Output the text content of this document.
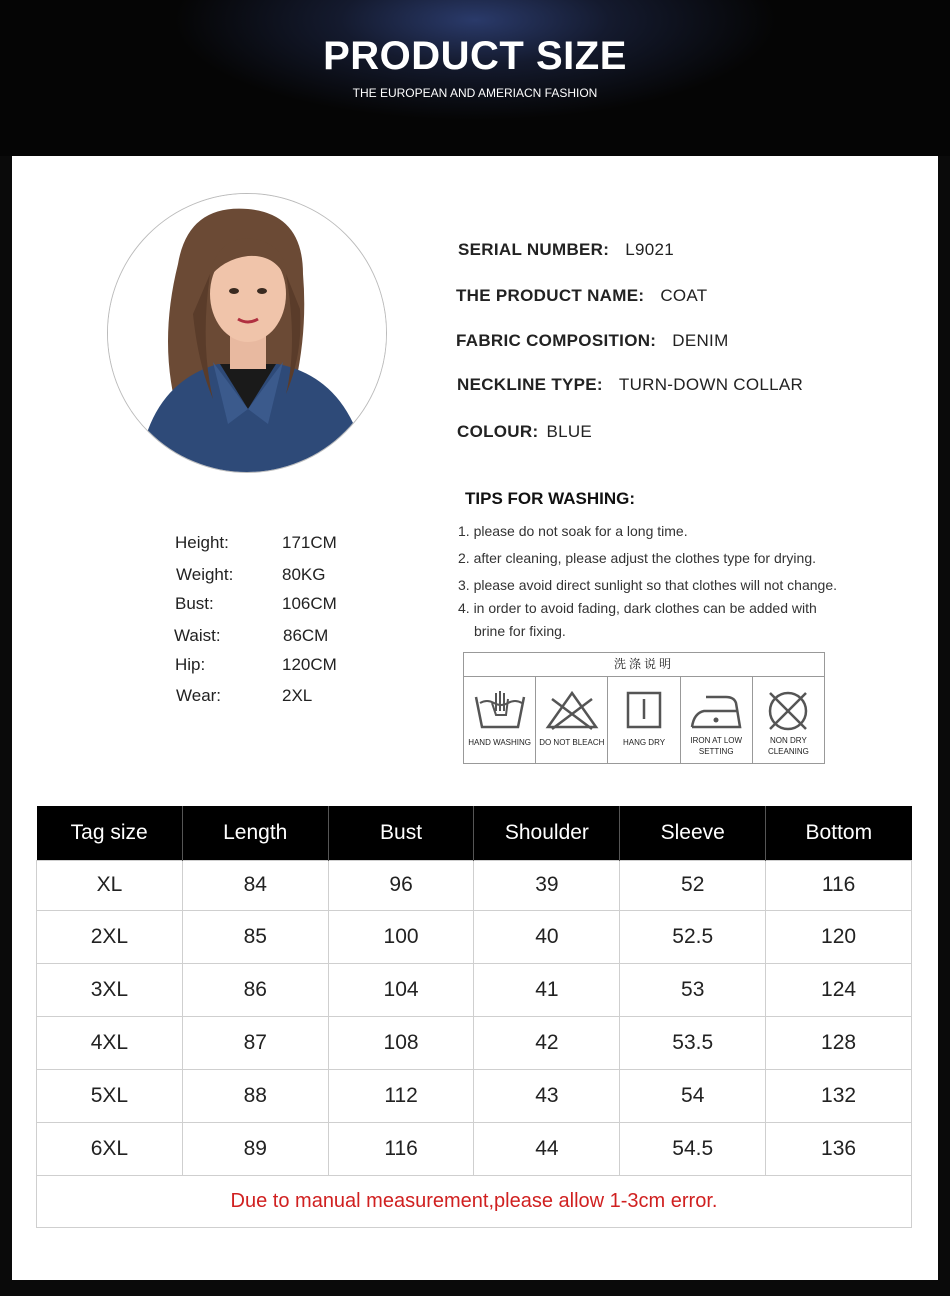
PRODUCT SIZE
THE EUROPEAN AND AMERIACN FASHION
SERIAL NUMBER: L9021
THE PRODUCT NAME: COAT
FABRIC COMPOSITION: DENIM
NECKLINE TYPE: TURN-DOWN COLLAR
COLOUR: BLUE
TIPS FOR WASHING:
1. please do not soak for a long time.
2. after cleaning, please adjust the clothes type for drying.
3. please avoid direct sunlight so that clothes will not change.
4. in order to avoid fading, dark clothes can be added with
brine for fixing.
Height:	171CM
Weight:	80KG
Bust:	106CM
Waist:	86CM
Hip:	120CM
Wear:	2XL
洗涤说明
HAND WASHING	DO NOT BLEACH	HANG DRY	IRON AT LOW SETTING
NON DRY CLEANING
Tag size	Length	Bust	Shoulder	Sleeve	Bottom
XL	84	96	39	52	116
2XL	85	100	40	52.5	120
3XL	86	104	41	53	124
4XL	87	108	42	53.5	128
5XL	88	112	43	54	132
6XL	89	116	44	54.5	136
Due to manual measurement,please allow 1-3cm error.					
